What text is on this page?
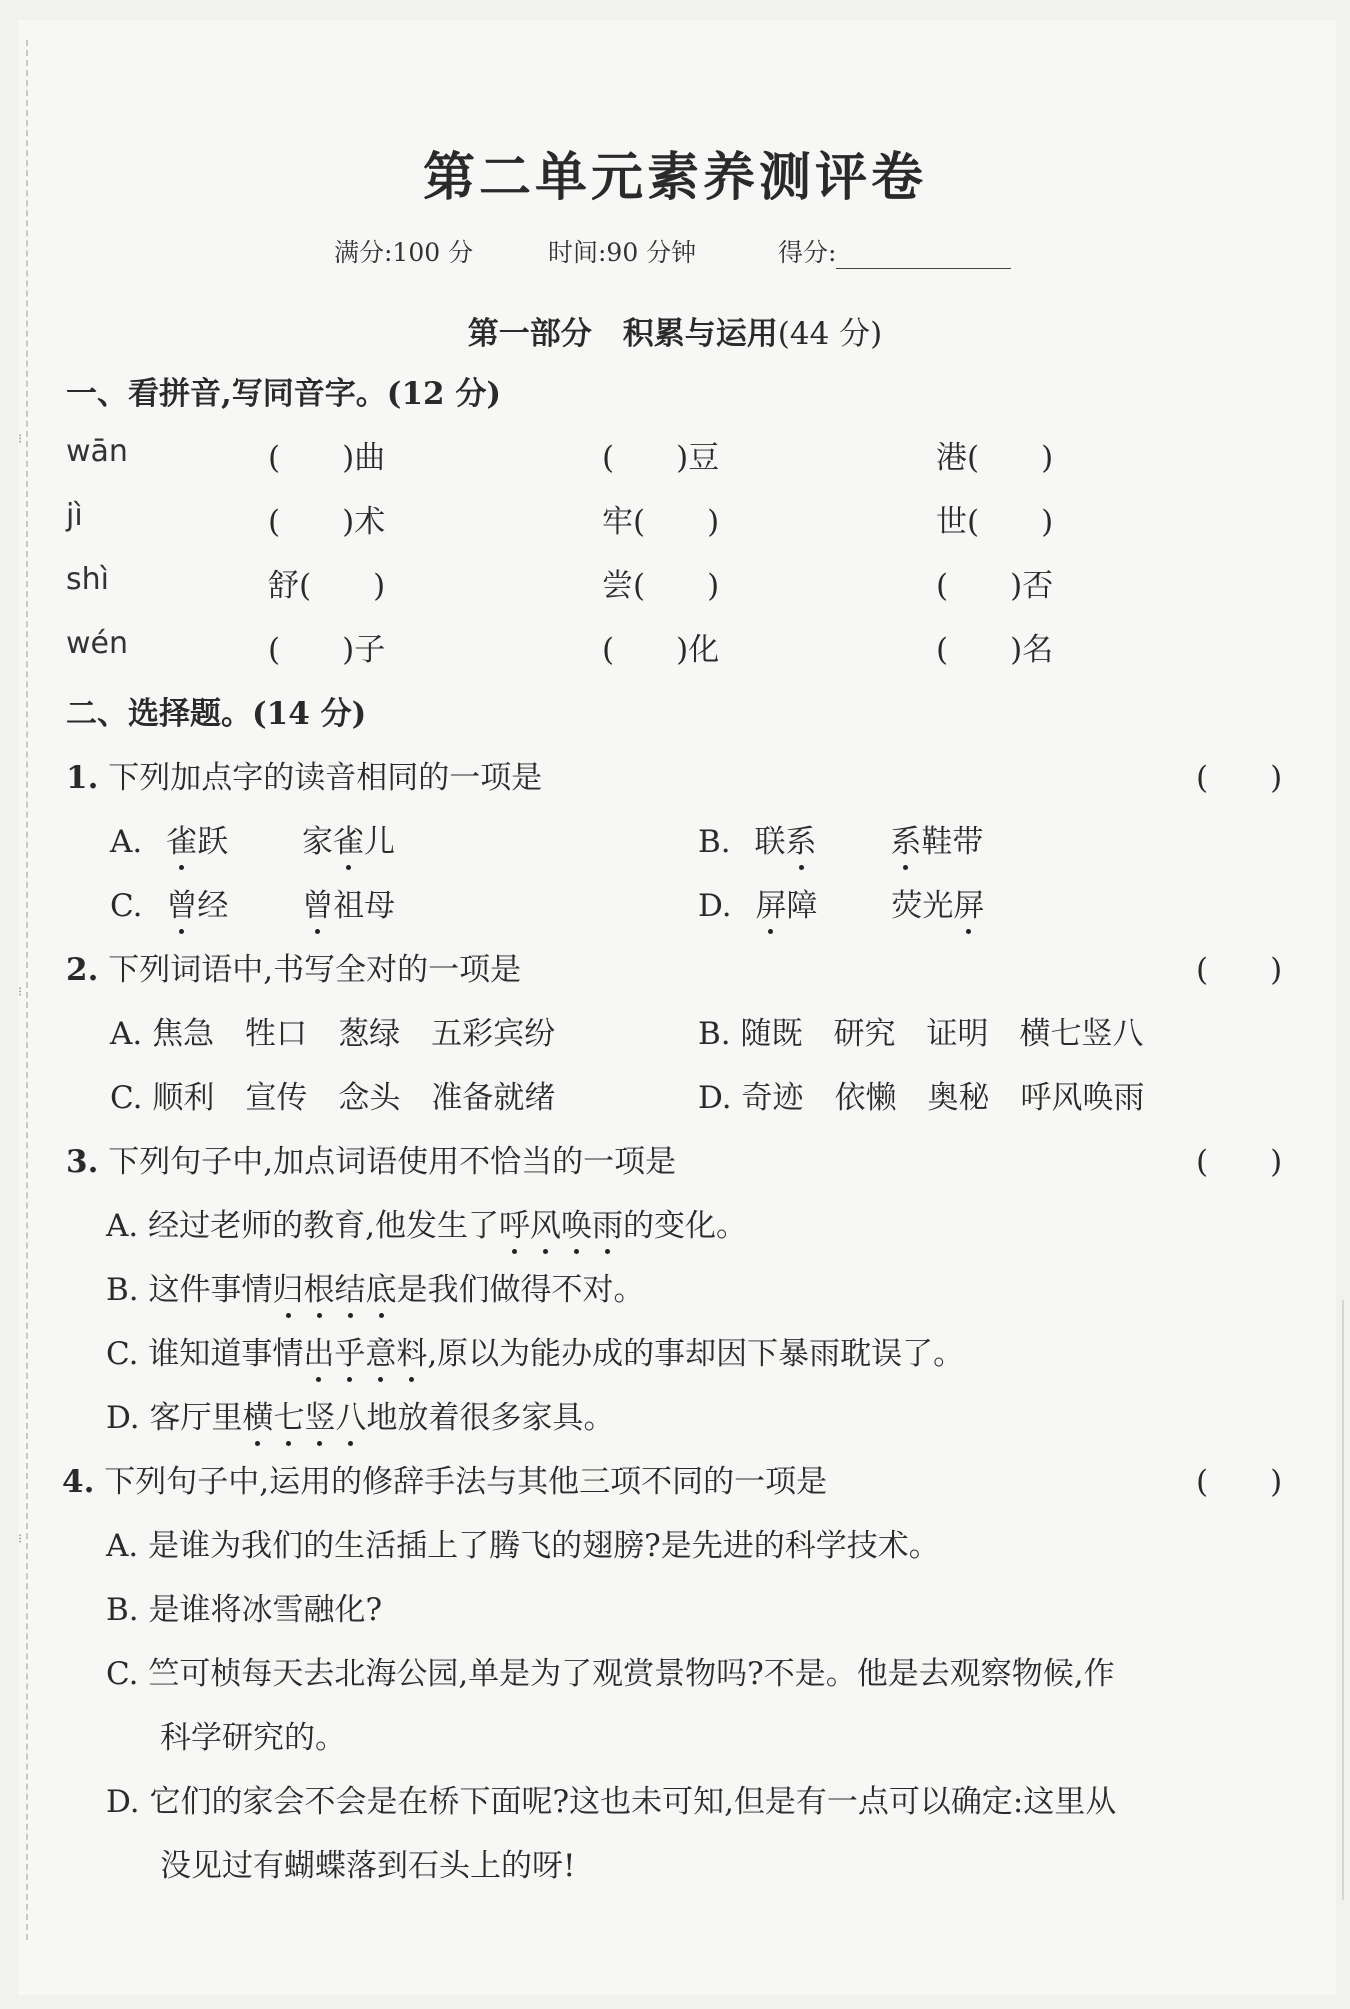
⁝
⁝
⁝
第二单元素养测评卷
满分:100 分	时间:90 分钟	得分:
第一部分　 积累与运用(44 分)
一、看拼音,写同音字。(12 分)
wān	(　　)曲	(　　)豆	港(　　)
jì	(　　)术	牢(　　)	世(　　)
shì	舒(　　)	尝(　　)	(　　)否
wén	(　　)子	(　　)化	(　　)名
二、选择题。(14 分)
1. 下列加点字的读音相同的一项是	(　　)
A. 雀跃 家雀儿	B. 联系 系鞋带
C. 曾经 曾祖母	D. 屏障 荧光屏
2. 下列词语中,书写全对的一项是	(　　)
A. 焦急　牲口　葱绿　五彩宾纷	B. 随既　研究　证明　横七竖八
C. 顺利　宣传　念头　准备就绪	D. 奇迹　依懒　奥秘　呼风唤雨
3. 下列句子中,加点词语使用不恰当的一项是	(　　)
A. 经过老师的教育,他发生了呼风唤雨的变化。
B. 这件事情归根结底是我们做得不对。
C. 谁知道事情出乎意料,原以为能办成的事却因下暴雨耽误了。
D. 客厅里横七竖八地放着很多家具。
4. 下列句子中,运用的修辞手法与其他三项不同的一项是	(　　)
A. 是谁为我们的生活插上了腾飞的翅膀?是先进的科学技术。
B. 是谁将冰雪融化?
C. 竺可桢每天去北海公园,单是为了观赏景物吗?不是。他是去观察物候,作
科学研究的。
D. 它们的家会不会是在桥下面呢?这也未可知,但是有一点可以确定:这里从
没见过有蝴蝶落到石头上的呀!
